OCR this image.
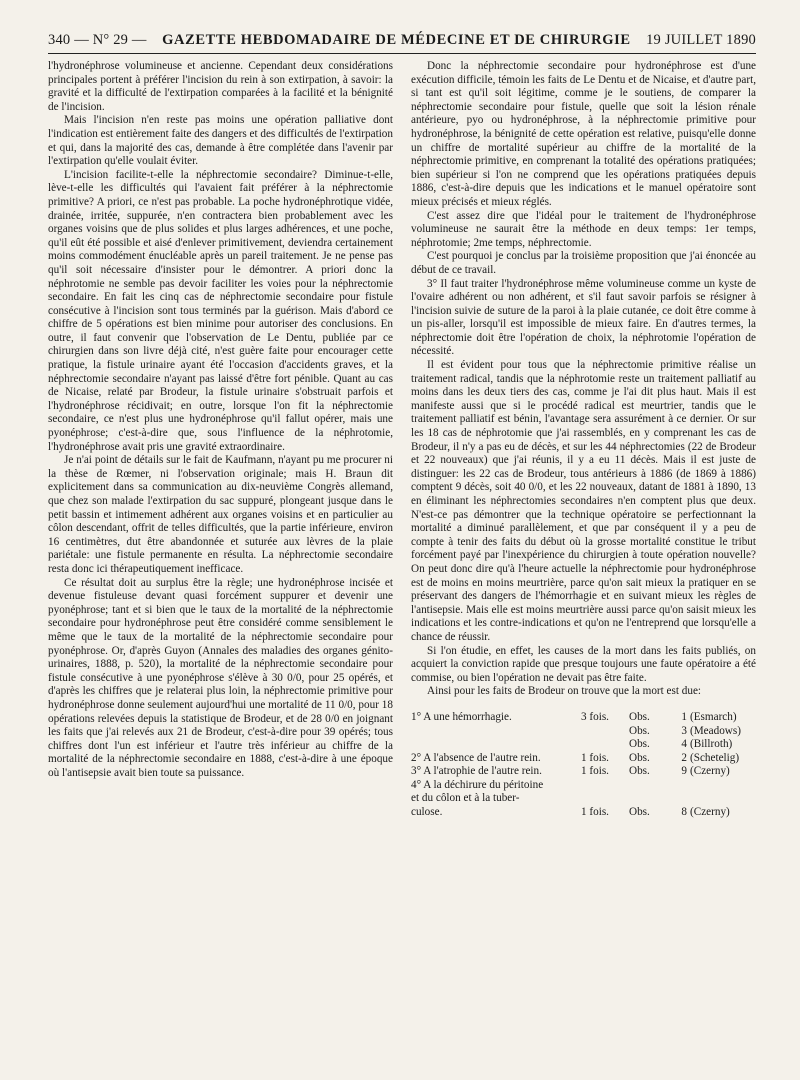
340 — N° 29 — GAZETTE HEBDOMADAIRE DE MÉDECINE ET DE CHIRURGIE 19 JUILLET 1890

l'hydronéphrose volumineuse et ancienne. Cependant deux considérations principales portent à préférer l'incision du rein à son extirpation, à savoir: la gravité et la difficulté de l'extirpation comparées à la facilité et la bénignité de l'incision.

Mais l'incision n'en reste pas moins une opération palliative dont l'indication est entièrement faite des dangers et des difficultés de l'extirpation et qui, dans la majorité des cas, demande à être complétée dans l'avenir par l'extirpation qu'elle voulait éviter.

L'incision facilite-t-elle la néphrectomie secondaire? Diminue-t-elle, lève-t-elle les difficultés qui l'avaient fait préférer à la néphrectomie primitive? A priori, ce n'est pas probable. La poche hydronéphrotique vidée, drainée, irritée, suppurée, n'en contractera bien probablement avec les organes voisins que de plus solides et plus larges adhérences, et une poche, qu'il eût été possible et aisé d'enlever primitivement, deviendra certainement moins commodément énucléable après un pareil traitement. Je ne pense pas qu'il soit nécessaire d'insister pour le démontrer. A priori donc la néphrotomie ne semble pas devoir faciliter les voies pour la néphrectomie secondaire. En fait les cinq cas de néphrectomie secondaire pour fistule consécutive à l'incision sont tous terminés par la guérison. Mais d'abord ce chiffre de 5 opérations est bien minime pour autoriser des conclusions. En outre, il faut convenir que l'observation de Le Dentu, publiée par ce chirurgien dans son livre déjà cité, n'est guère faite pour encourager cette pratique, la fistule urinaire ayant été l'occasion d'accidents graves, et la néphrectomie secondaire n'ayant pas laissé d'être fort pénible. Quant au cas de Nicaise, relaté par Brodeur, la fistule urinaire s'obstruait parfois et l'hydronéphrose récidivait; en outre, lorsque l'on fit la néphrectomie secondaire, ce n'est plus une hydronéphrose qu'il fallut opérer, mais une pyonéphrose; c'est-à-dire que, sous l'influence de la néphrotomie, l'hydronéphrose avait pris une gravité extraordinaire.

Je n'ai point de détails sur le fait de Kaufmann, n'ayant pu me procurer ni la thèse de Rœmer, ni l'observation originale; mais H. Braun dit explicitement dans sa communication au dix-neuvième Congrès allemand, que chez son malade l'extirpation du sac suppuré, plongeant jusque dans le petit bassin et intimement adhérent aux organes voisins et en particulier au côlon descendant, offrit de telles difficultés, que la partie inférieure, environ 16 centimètres, dut être abandonnée et suturée aux lèvres de la plaie pariétale: une fistule permanente en résulta. La néphrectomie secondaire resta donc ici thérapeutiquement inefficace.

Ce résultat doit au surplus être la règle; une hydronéphrose incisée et devenue fistuleuse devant quasi forcément suppurer et devenir une pyonéphrose; tant et si bien que le taux de la mortalité de la néphrectomie secondaire pour hydronéphrose peut être considéré comme sensiblement le même que le taux de la mortalité de la néphrectomie secondaire pour pyonéphrose. Or, d'après Guyon (Annales des maladies des organes génito-urinaires, 1888, p. 520), la mortalité de la néphrectomie secondaire pour fistule consécutive à une pyonéphrose s'élève à 30 0/0, pour 25 opérés, et d'après les chiffres que je relaterai plus loin, la néphrectomie primitive pour hydronéphrose donne seulement aujourd'hui une mortalité de 11 0/0, pour 18 opérations relevées depuis la statistique de Brodeur, et de 28 0/0 en joignant les faits que j'ai relevés aux 21 de Brodeur, c'est-à-dire pour 39 opérés; tous chiffres dont l'un est inférieur et l'autre très inférieur au chiffre de la mortalité de la néphrectomie secondaire en 1888, c'est-à-dire à une époque où l'antisepsie avait bien toute sa puissance.

Donc la néphrectomie secondaire pour hydronéphrose est d'une exécution difficile, témoin les faits de Le Dentu et de Nicaise, et d'autre part, si tant est qu'il soit légitime, comme je le soutiens, de comparer la néphrectomie secondaire pour fistule, quelle que soit la lésion rénale antérieure, pyo ou hydronéphrose, à la néphrectomie primitive pour hydronéphrose, la bénignité de cette opération est relative, puisqu'elle donne un chiffre de mortalité supérieur au chiffre de la mortalité de la néphrectomie primitive, en comprenant la totalité des opérations pratiquées; bien supérieur si l'on ne comprend que les opérations pratiquées depuis 1886, c'est-à-dire depuis que les indications et le manuel opératoire sont mieux précisés et mieux réglés.

C'est assez dire que l'idéal pour le traitement de l'hydronéphrose volumineuse ne saurait être la méthode en deux temps: 1er temps, néphrotomie; 2me temps, néphrectomie.

C'est pourquoi je conclus par la troisième proposition que j'ai énoncée au début de ce travail.

3° Il faut traiter l'hydronéphrose même volumineuse comme un kyste de l'ovaire adhérent ou non adhérent, et s'il faut savoir parfois se résigner à l'incision suivie de suture de la paroi à la plaie cutanée, ce doit être comme à un pis-aller, lorsqu'il est impossible de mieux faire. En d'autres termes, la néphrectomie doit être l'opération de choix, la néphrotomie l'opération de nécessité.

Il est évident pour tous que la néphrectomie primitive réalise un traitement radical, tandis que la néphrotomie reste un traitement palliatif au moins dans les deux tiers des cas, comme je l'ai dit plus haut. Mais il est manifeste aussi que si le procédé radical est meurtrier, tandis que le traitement palliatif est bénin, l'avantage sera assurément à ce dernier. Or sur les 18 cas de néphrotomie que j'ai rassemblés, en y comprenant les cas de Brodeur, il n'y a pas eu de décès, et sur les 44 néphrectomies (22 de Brodeur et 22 nouveaux) que j'ai réunis, il y a eu 11 décès. Mais il est juste de distinguer: les 22 cas de Brodeur, tous antérieurs à 1886 (de 1869 à 1886) comptent 9 décès, soit 40 0/0, et les 22 nouveaux, datant de 1881 à 1890, 13 en éliminant les néphrectomies secondaires n'en comptent plus que deux. N'est-ce pas démontrer que la technique opératoire se perfectionnant la mortalité a diminué parallèlement, et que par conséquent il y a peu de compte à tenir des faits du début où la grosse mortalité constitue le tribut forcément payé par l'inexpérience du chirurgien à toute opération nouvelle? On peut donc dire qu'à l'heure actuelle la néphrectomie pour hydronéphrose est de moins en moins meurtrière, parce qu'on sait mieux la pratiquer en se préservant des dangers de l'hémorrhagie et en suivant mieux les règles de l'antisepsie. Mais elle est moins meurtrière aussi parce qu'on saisit mieux les indications et les contre-indications et qu'on ne l'entreprend que lorsqu'elle a chance de réussir.

Si l'on étudie, en effet, les causes de la mort dans les faits publiés, on acquiert la conviction rapide que presque toujours une faute opératoire a été commise, ou bien l'opération ne devait pas être faite.

Ainsi pour les faits de Brodeur on trouve que la mort est due:

1° A une hémorrhagie.	3 fois.	Obs.	1	(Esmarch)
		Obs.	3	(Meadows)
		Obs.	4	(Billroth)
2° A l'absence de l'autre rein.	1 fois.	Obs.	2	(Schetelig)
3° A l'atrophie de l'autre rein.	1 fois.	Obs.	9	(Czerny)
4° A la déchirure du péritoine				
et du côlon et à la tuber-				
culose.	1 fois.	Obs.	8	(Czerny)
